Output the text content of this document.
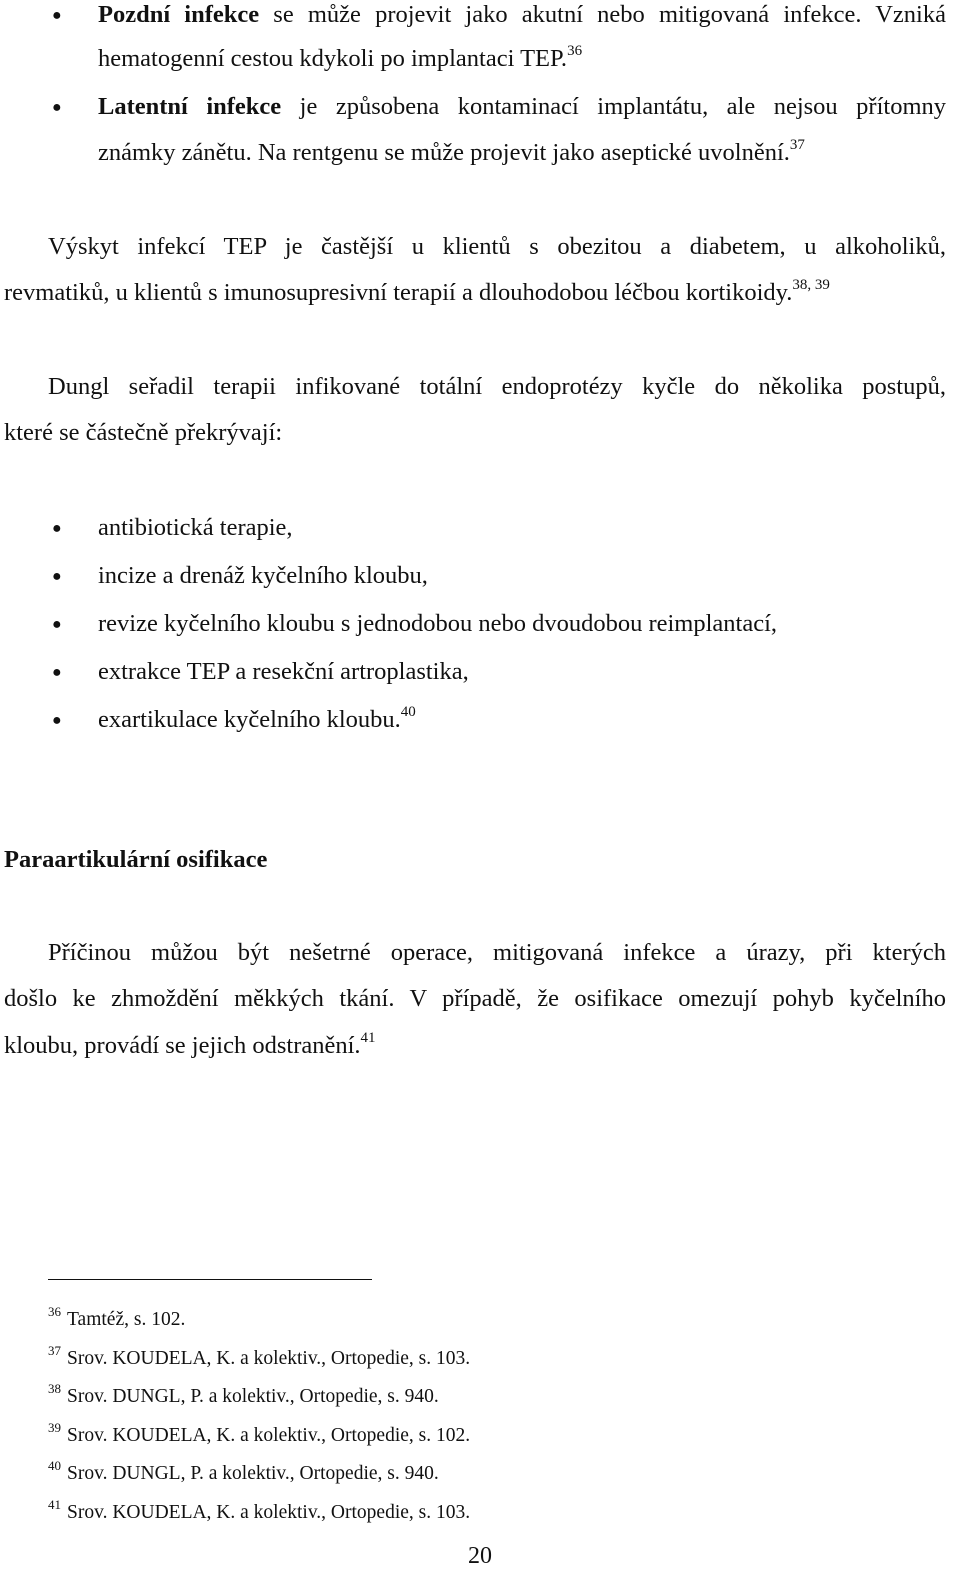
● Pozdní infekce se může projevit jako akutní nebo mitigovaná infekce. Vzniká
hematogenní cestou kdykoli po implantaci TEP.$^{36}$
● Latentní infekce je způsobena kontaminací implantátu, ale nejsou přítomny
známky zánětu. Na rentgenu se může projevit jako aseptické uvolnění.$^{37}$
Výskyt infekcí TEP je častější u klientů s obezitou a diabetem, u alkoholiků,
revmatiků, u klientů s imunosupresivní terapií a dlouhodobou léčbou kortikoidy.$^{38, 39}$
Dungl seřadil terapii infikované totální endoprotézy kyčle do několika postupů,
které se částečně překrývají:
● antibiotická terapie,
● incize a drenáž kyčelního kloubu,
● revize kyčelního kloubu s jednodobou nebo dvoudobou reimplantací,
● extrakce TEP a resekční artroplastika,
● exartikulace kyčelního kloubu.$^{40}$
Paraartikulární osifikace
Příčinou můžou být nešetrné operace, mitigovaná infekce a úrazy, při kterých
došlo ke zhmoždění měkkých tkání. V případě, že osifikace omezují pohyb kyčelního
kloubu, provádí se jejich odstranění.$^{41}$
$^{36}$ Tamtéž, s. 102.
$^{37}$ Srov. KOUDELA, K. a kolektiv., Ortopedie, s. 103.
$^{38}$ Srov. DUNGL, P. a kolektiv., Ortopedie, s. 940.
$^{39}$ Srov. KOUDELA, K. a kolektiv., Ortopedie, s. 102.
$^{40}$ Srov. DUNGL, P. a kolektiv., Ortopedie, s. 940.
$^{41}$ Srov. KOUDELA, K. a kolektiv., Ortopedie, s. 103.
20
